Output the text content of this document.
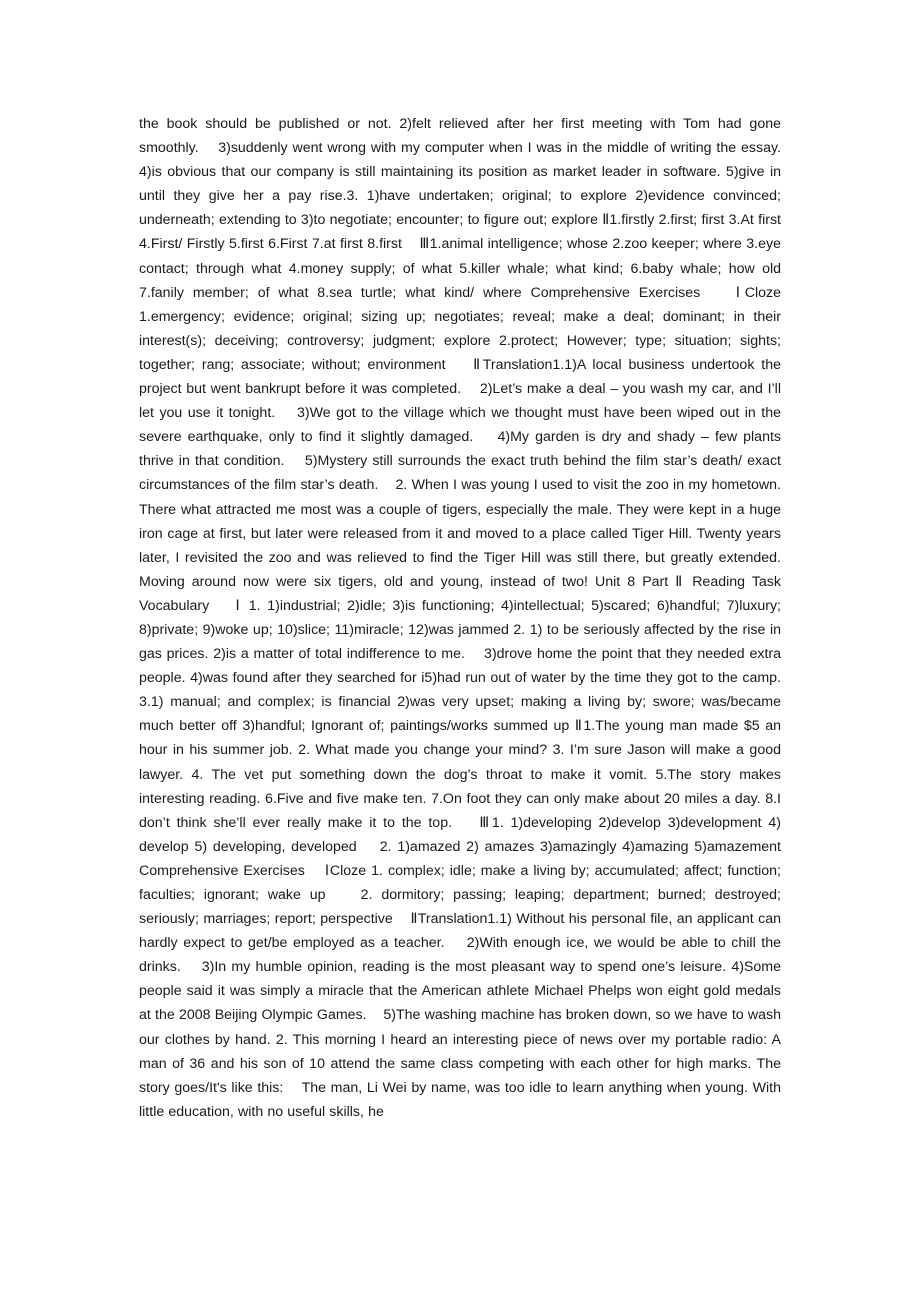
the book should be published or not. 2)felt relieved after her first meeting with Tom had gone smoothly.    3)suddenly went wrong with my computer when I was in the middle of writing the essay. 4)is obvious that our company is still maintaining its position as market leader in software. 5)give in until they give her a pay rise.3. 1)have undertaken; original; to explore 2)evidence convinced; underneath; extending to 3)to negotiate; encounter; to figure out; explore Ⅱ1.firstly 2.first; first 3.At first 4.First/ Firstly 5.first 6.First 7.at first 8.first    Ⅲ1.animal intelligence; whose 2.zoo keeper; where 3.eye contact; through what 4.money supply; of what 5.killer whale; what kind; 6.baby whale; how old 7.fanily member; of what 8.sea turtle; what kind/ where Comprehensive Exercises    ⅠCloze 1.emergency; evidence; original; sizing up; negotiates; reveal; make a deal; dominant; in their interest(s); deceiving; controversy; judgment; explore 2.protect; However; type; situation; sights; together; rang; associate; without; environment    ⅡTranslation1.1)A local business undertook the project but went bankrupt before it was completed.    2)Let’s make a deal – you wash my car, and I’ll let you use it tonight.    3)We got to the village which we thought must have been wiped out in the severe earthquake, only to find it slightly damaged.    4)My garden is dry and shady – few plants thrive in that condition.    5)Mystery still surrounds the exact truth behind the film star’s death/ exact circumstances of the film star’s death.    2. When I was young I used to visit the zoo in my hometown. There what attracted me most was a couple of tigers, especially the male. They were kept in a huge iron cage at first, but later were released from it and moved to a place called Tiger Hill. Twenty years later, I revisited the zoo and was relieved to find the Tiger Hill was still there, but greatly extended. Moving around now were six tigers, old and young, instead of two! Unit 8 Part Ⅱ Reading Task Vocabulary    Ⅰ 1. 1)industrial; 2)idle; 3)is functioning; 4)intellectual; 5)scared; 6)handful; 7)luxury; 8)private; 9)woke up; 10)slice; 11)miracle; 12)was jammed 2. 1) to be seriously affected by the rise in gas prices. 2)is a matter of total indifference to me.    3)drove home the point that they needed extra people. 4)was found after they searched for i5)had run out of water by the time they got to the camp.    3.1) manual; and complex; is financial 2)was very upset; making a living by; swore; was/became much better off 3)handful; Ignorant of; paintings/works summed up Ⅱ1.The young man made $5 an hour in his summer job. 2. What made you change your mind? 3. I’m sure Jason will make a good lawyer. 4. The vet put something down the dog’s throat to make it vomit. 5.The story makes interesting reading. 6.Five and five make ten. 7.On foot they can only make about 20 miles a day. 8.I don’t think she’ll ever really make it to the top.    Ⅲ1. 1)developing 2)develop 3)development 4) develop 5) developing, developed    2. 1)amazed 2) amazes 3)amazingly 4)amazing 5)amazement Comprehensive Exercises    ⅠCloze 1. complex; idle; make a living by; accumulated; affect; function; faculties; ignorant; wake up    2. dormitory; passing; leaping; department; burned; destroyed; seriously; marriages; report; perspective    ⅡTranslation1.1) Without his personal file, an applicant can hardly expect to get/be employed as a teacher.    2)With enough ice, we would be able to chill the drinks.    3)In my humble opinion, reading is the most pleasant way to spend one’s leisure. 4)Some people said it was simply a miracle that the American athlete Michael Phelps won eight gold medals at the 2008 Beijing Olympic Games.    5)The washing machine has broken down, so we have to wash our clothes by hand. 2. This morning I heard an interesting piece of news over my portable radio: A man of 36 and his son of 10 attend the same class competing with each other for high marks. The story goes/It's like this:    The man, Li Wei by name, was too idle to learn anything when young. With little education, with no useful skills, he
